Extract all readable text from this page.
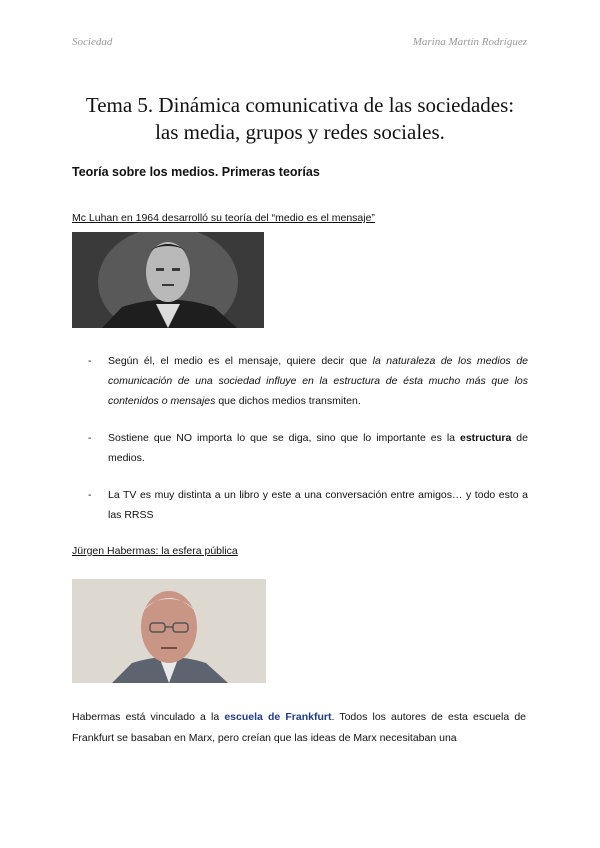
Sociedad	Marina Martín Rodríguez
Tema 5. Dinámica comunicativa de las sociedades:
las media, grupos y redes sociales.
Teoría sobre los medios. Primeras teorías
Mc Luhan en 1964 desarrolló su teoría del “medio es el mensaje”
- Según él, el medio es el mensaje, quiere decir que la naturaleza de los medios de comunicación de una sociedad influye en la estructura de ésta mucho más que los contenidos o mensajes que dichos medios transmiten.
- Sostiene que NO importa lo que se diga, sino que lo importante es la estructura de medios.
- La TV es muy distinta a un libro y este a una conversación entre amigos… y todo esto a las RRSS
Jürgen Habermas: la esfera pública
Habermas está vinculado a la escuela de Frankfurt. Todos los autores de esta escuela de Frankfurt se basaban en Marx, pero creían que las ideas de Marx necesitaban una
